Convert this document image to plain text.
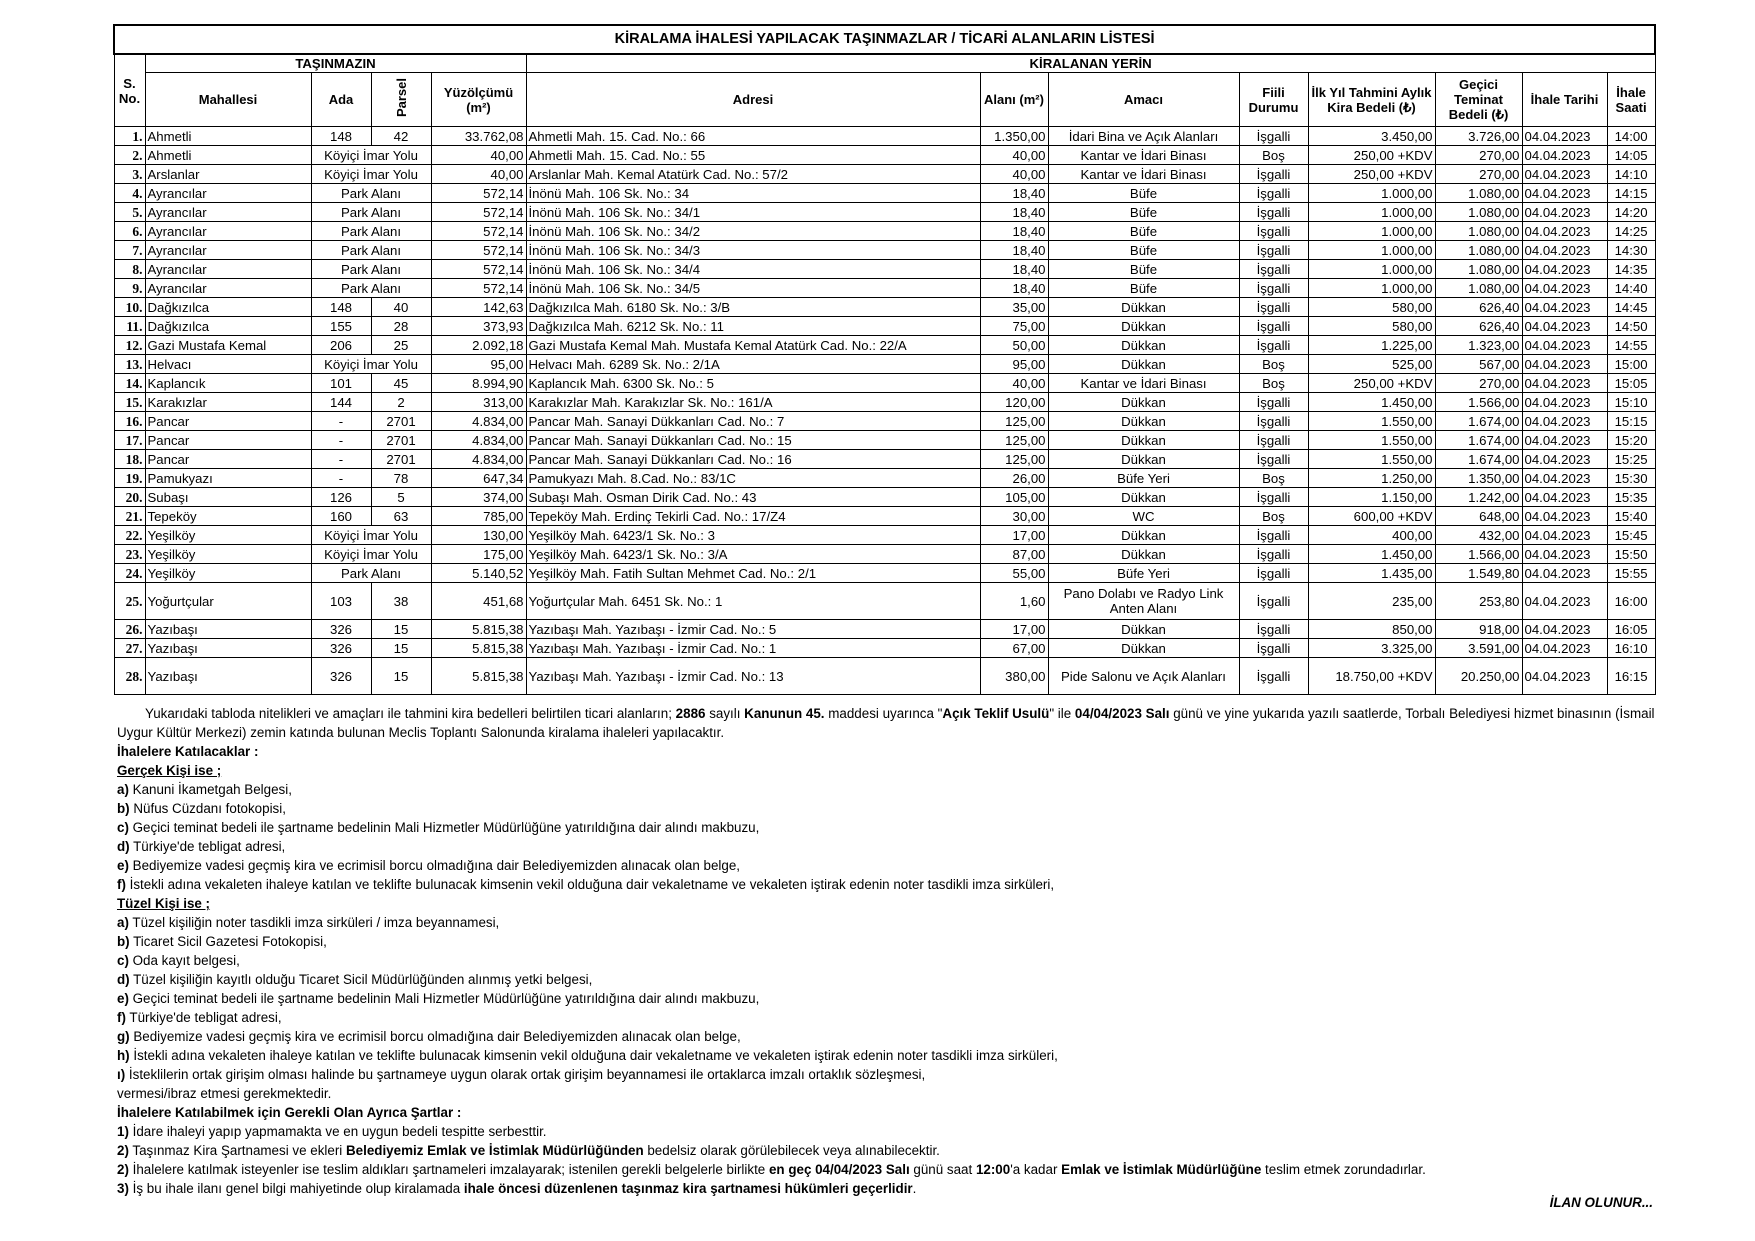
KİRALAMA İHALESİ YAPILACAK TAŞINMAZLAR / TİCARİ ALANLARIN LİSTESİ												
S. No.	TAŞINMAZIN				KİRALANAN YERİN							
	Mahallesi	Ada	Parsel	Yüzölçümü (m²)	Adresi	Alanı (m²)	Amacı	Fiili Durumu	İlk Yıl Tahmini Aylık Kira Bedeli (₺)	Geçici Teminat Bedeli (₺)	İhale Tarihi	İhale Saati
1.	Ahmetli	148	42	33.762,08	Ahmetli Mah. 15. Cad. No.: 66	1.350,00	İdari Bina ve Açık Alanları	İşgalli	3.450,00	3.726,00	04.04.2023	14:00
2.	Ahmetli	Köyiçi İmar Yolu		40,00	Ahmetli Mah. 15. Cad. No.: 55	40,00	Kantar ve İdari Binası	Boş	250,00 +KDV	270,00	04.04.2023	14:05
3.	Arslanlar	Köyiçi İmar Yolu		40,00	Arslanlar Mah. Kemal Atatürk Cad. No.: 57/2	40,00	Kantar ve İdari Binası	İşgalli	250,00 +KDV	270,00	04.04.2023	14:10
4.	Ayrancılar	Park Alanı		572,14	İnönü Mah. 106 Sk. No.: 34	18,40	Büfe	İşgalli	1.000,00	1.080,00	04.04.2023	14:15
5.	Ayrancılar	Park Alanı		572,14	İnönü Mah. 106 Sk. No.: 34/1	18,40	Büfe	İşgalli	1.000,00	1.080,00	04.04.2023	14:20
6.	Ayrancılar	Park Alanı		572,14	İnönü Mah. 106 Sk. No.: 34/2	18,40	Büfe	İşgalli	1.000,00	1.080,00	04.04.2023	14:25
7.	Ayrancılar	Park Alanı		572,14	İnönü Mah. 106 Sk. No.: 34/3	18,40	Büfe	İşgalli	1.000,00	1.080,00	04.04.2023	14:30
8.	Ayrancılar	Park Alanı		572,14	İnönü Mah. 106 Sk. No.: 34/4	18,40	Büfe	İşgalli	1.000,00	1.080,00	04.04.2023	14:35
9.	Ayrancılar	Park Alanı		572,14	İnönü Mah. 106 Sk. No.: 34/5	18,40	Büfe	İşgalli	1.000,00	1.080,00	04.04.2023	14:40
10.	Dağkızılca	148	40	142,63	Dağkızılca Mah. 6180 Sk. No.: 3/B	35,00	Dükkan	İşgalli	580,00	626,40	04.04.2023	14:45
11.	Dağkızılca	155	28	373,93	Dağkızılca Mah. 6212 Sk. No.: 11	75,00	Dükkan	İşgalli	580,00	626,40	04.04.2023	14:50
12.	Gazi Mustafa Kemal	206	25	2.092,18	Gazi Mustafa Kemal Mah. Mustafa Kemal Atatürk Cad. No.: 22/A	50,00	Dükkan	İşgalli	1.225,00	1.323,00	04.04.2023	14:55
13.	Helvacı	Köyiçi İmar Yolu		95,00	Helvacı Mah. 6289 Sk. No.: 2/1A	95,00	Dükkan	Boş	525,00	567,00	04.04.2023	15:00
14.	Kaplancık	101	45	8.994,90	Kaplancık Mah. 6300 Sk. No.: 5	40,00	Kantar ve İdari Binası	Boş	250,00 +KDV	270,00	04.04.2023	15:05
15.	Karakızlar	144	2	313,00	Karakızlar Mah. Karakızlar Sk. No.: 161/A	120,00	Dükkan	İşgalli	1.450,00	1.566,00	04.04.2023	15:10
16.	Pancar	-	2701	4.834,00	Pancar Mah. Sanayi Dükkanları Cad. No.: 7	125,00	Dükkan	İşgalli	1.550,00	1.674,00	04.04.2023	15:15
17.	Pancar	-	2701	4.834,00	Pancar Mah. Sanayi Dükkanları Cad. No.: 15	125,00	Dükkan	İşgalli	1.550,00	1.674,00	04.04.2023	15:20
18.	Pancar	-	2701	4.834,00	Pancar Mah. Sanayi Dükkanları Cad. No.: 16	125,00	Dükkan	İşgalli	1.550,00	1.674,00	04.04.2023	15:25
19.	Pamukyazı	-	78	647,34	Pamukyazı Mah. 8.Cad. No.: 83/1C	26,00	Büfe Yeri	Boş	1.250,00	1.350,00	04.04.2023	15:30
20.	Subaşı	126	5	374,00	Subaşı Mah. Osman Dirik Cad. No.: 43	105,00	Dükkan	İşgalli	1.150,00	1.242,00	04.04.2023	15:35
21.	Tepeköy	160	63	785,00	Tepeköy Mah. Erdinç Tekirli Cad. No.: 17/Z4	30,00	WC	Boş	600,00 +KDV	648,00	04.04.2023	15:40
22.	Yeşilköy	Köyiçi İmar Yolu		130,00	Yeşilköy Mah. 6423/1 Sk. No.: 3	17,00	Dükkan	İşgalli	400,00	432,00	04.04.2023	15:45
23.	Yeşilköy	Köyiçi İmar Yolu		175,00	Yeşilköy Mah. 6423/1 Sk. No.: 3/A	87,00	Dükkan	İşgalli	1.450,00	1.566,00	04.04.2023	15:50
24.	Yeşilköy	Park Alanı		5.140,52	Yeşilköy Mah. Fatih Sultan Mehmet Cad. No.: 2/1	55,00	Büfe Yeri	İşgalli	1.435,00	1.549,80	04.04.2023	15:55
25.	Yoğurtçular	103	38	451,68	Yoğurtçular Mah. 6451 Sk. No.: 1	1,60	Pano Dolabı ve Radyo Link Anten Alanı	İşgalli	235,00	253,80	04.04.2023	16:00
26.	Yazıbaşı	326	15	5.815,38	Yazıbaşı Mah. Yazıbaşı - İzmir Cad. No.: 5	17,00	Dükkan	İşgalli	850,00	918,00	04.04.2023	16:05
27.	Yazıbaşı	326	15	5.815,38	Yazıbaşı Mah. Yazıbaşı - İzmir Cad. No.: 1	67,00	Dükkan	İşgalli	3.325,00	3.591,00	04.04.2023	16:10
28.	Yazıbaşı	326	15	5.815,38	Yazıbaşı Mah. Yazıbaşı - İzmir Cad. No.: 13	380,00	Pide Salonu ve Açık Alanları	İşgalli	18.750,00 +KDV	20.250,00	04.04.2023	16:15

Yukarıdaki tabloda nitelikleri ve amaçları ile tahmini kira bedelleri belirtilen ticari alanların; 2886 sayılı Kanunun 45. maddesi uyarınca "Açık Teklif Usulü" ile 04/04/2023 Salı günü ve yine yukarıda yazılı saatlerde, Torbalı Belediyesi hizmet binasının (İsmail Uygur Kültür Merkezi) zemin katında bulunan Meclis Toplantı Salonunda kiralama ihaleleri yapılacaktır.

İhalelere Katılacaklar :

Gerçek Kişi ise ;

a) Kanuni İkametgah Belgesi,

b) Nüfus Cüzdanı fotokopisi,

c) Geçici teminat bedeli ile şartname bedelinin Mali Hizmetler Müdürlüğüne yatırıldığına dair alındı makbuzu,

d) Türkiye'de tebligat adresi,

e) Bediyemize vadesi geçmiş kira ve ecrimisil borcu olmadığına dair Belediyemizden alınacak olan belge,

f) İstekli adına vekaleten ihaleye katılan ve teklifte bulunacak kimsenin vekil olduğuna dair vekaletname ve vekaleten iştirak edenin noter tasdikli imza sirküleri,

Tüzel Kişi ise ;

a) Tüzel kişiliğin noter tasdikli imza sirküleri / imza beyannamesi,

b) Ticaret Sicil Gazetesi Fotokopisi,

c) Oda kayıt belgesi,

d) Tüzel kişiliğin kayıtlı olduğu Ticaret Sicil Müdürlüğünden alınmış yetki belgesi,

e) Geçici teminat bedeli ile şartname bedelinin Mali Hizmetler Müdürlüğüne yatırıldığına dair alındı makbuzu,

f) Türkiye'de tebligat adresi,

g) Bediyemize vadesi geçmiş kira ve ecrimisil borcu olmadığına dair Belediyemizden alınacak olan belge,

h) İstekli adına vekaleten ihaleye katılan ve teklifte bulunacak kimsenin vekil olduğuna dair vekaletname ve vekaleten iştirak edenin noter tasdikli imza sirküleri,

ı) İsteklilerin ortak girişim olması halinde bu şartnameye uygun olarak ortak girişim beyannamesi ile ortaklarca imzalı ortaklık sözleşmesi,

vermesi/ibraz etmesi gerekmektedir.

İhalelere Katılabilmek için Gerekli Olan Ayrıca Şartlar :

1) İdare ihaleyi yapıp yapmamakta ve en uygun bedeli tespitte serbesttir.

2) Taşınmaz Kira Şartnamesi ve ekleri Belediyemiz Emlak ve İstimlak Müdürlüğünden bedelsiz olarak görülebilecek veya alınabilecektir.

2) İhalelere katılmak isteyenler ise teslim aldıkları şartnameleri imzalayarak; istenilen gerekli belgelerle birlikte en geç 04/04/2023 Salı günü saat 12:00'a kadar Emlak ve İstimlak Müdürlüğüne teslim etmek zorundadırlar.

3) İş bu ihale ilanı genel bilgi mahiyetinde olup kiralamada ihale öncesi düzenlenen taşınmaz kira şartnamesi hükümleri geçerlidir.

İLAN OLUNUR...
